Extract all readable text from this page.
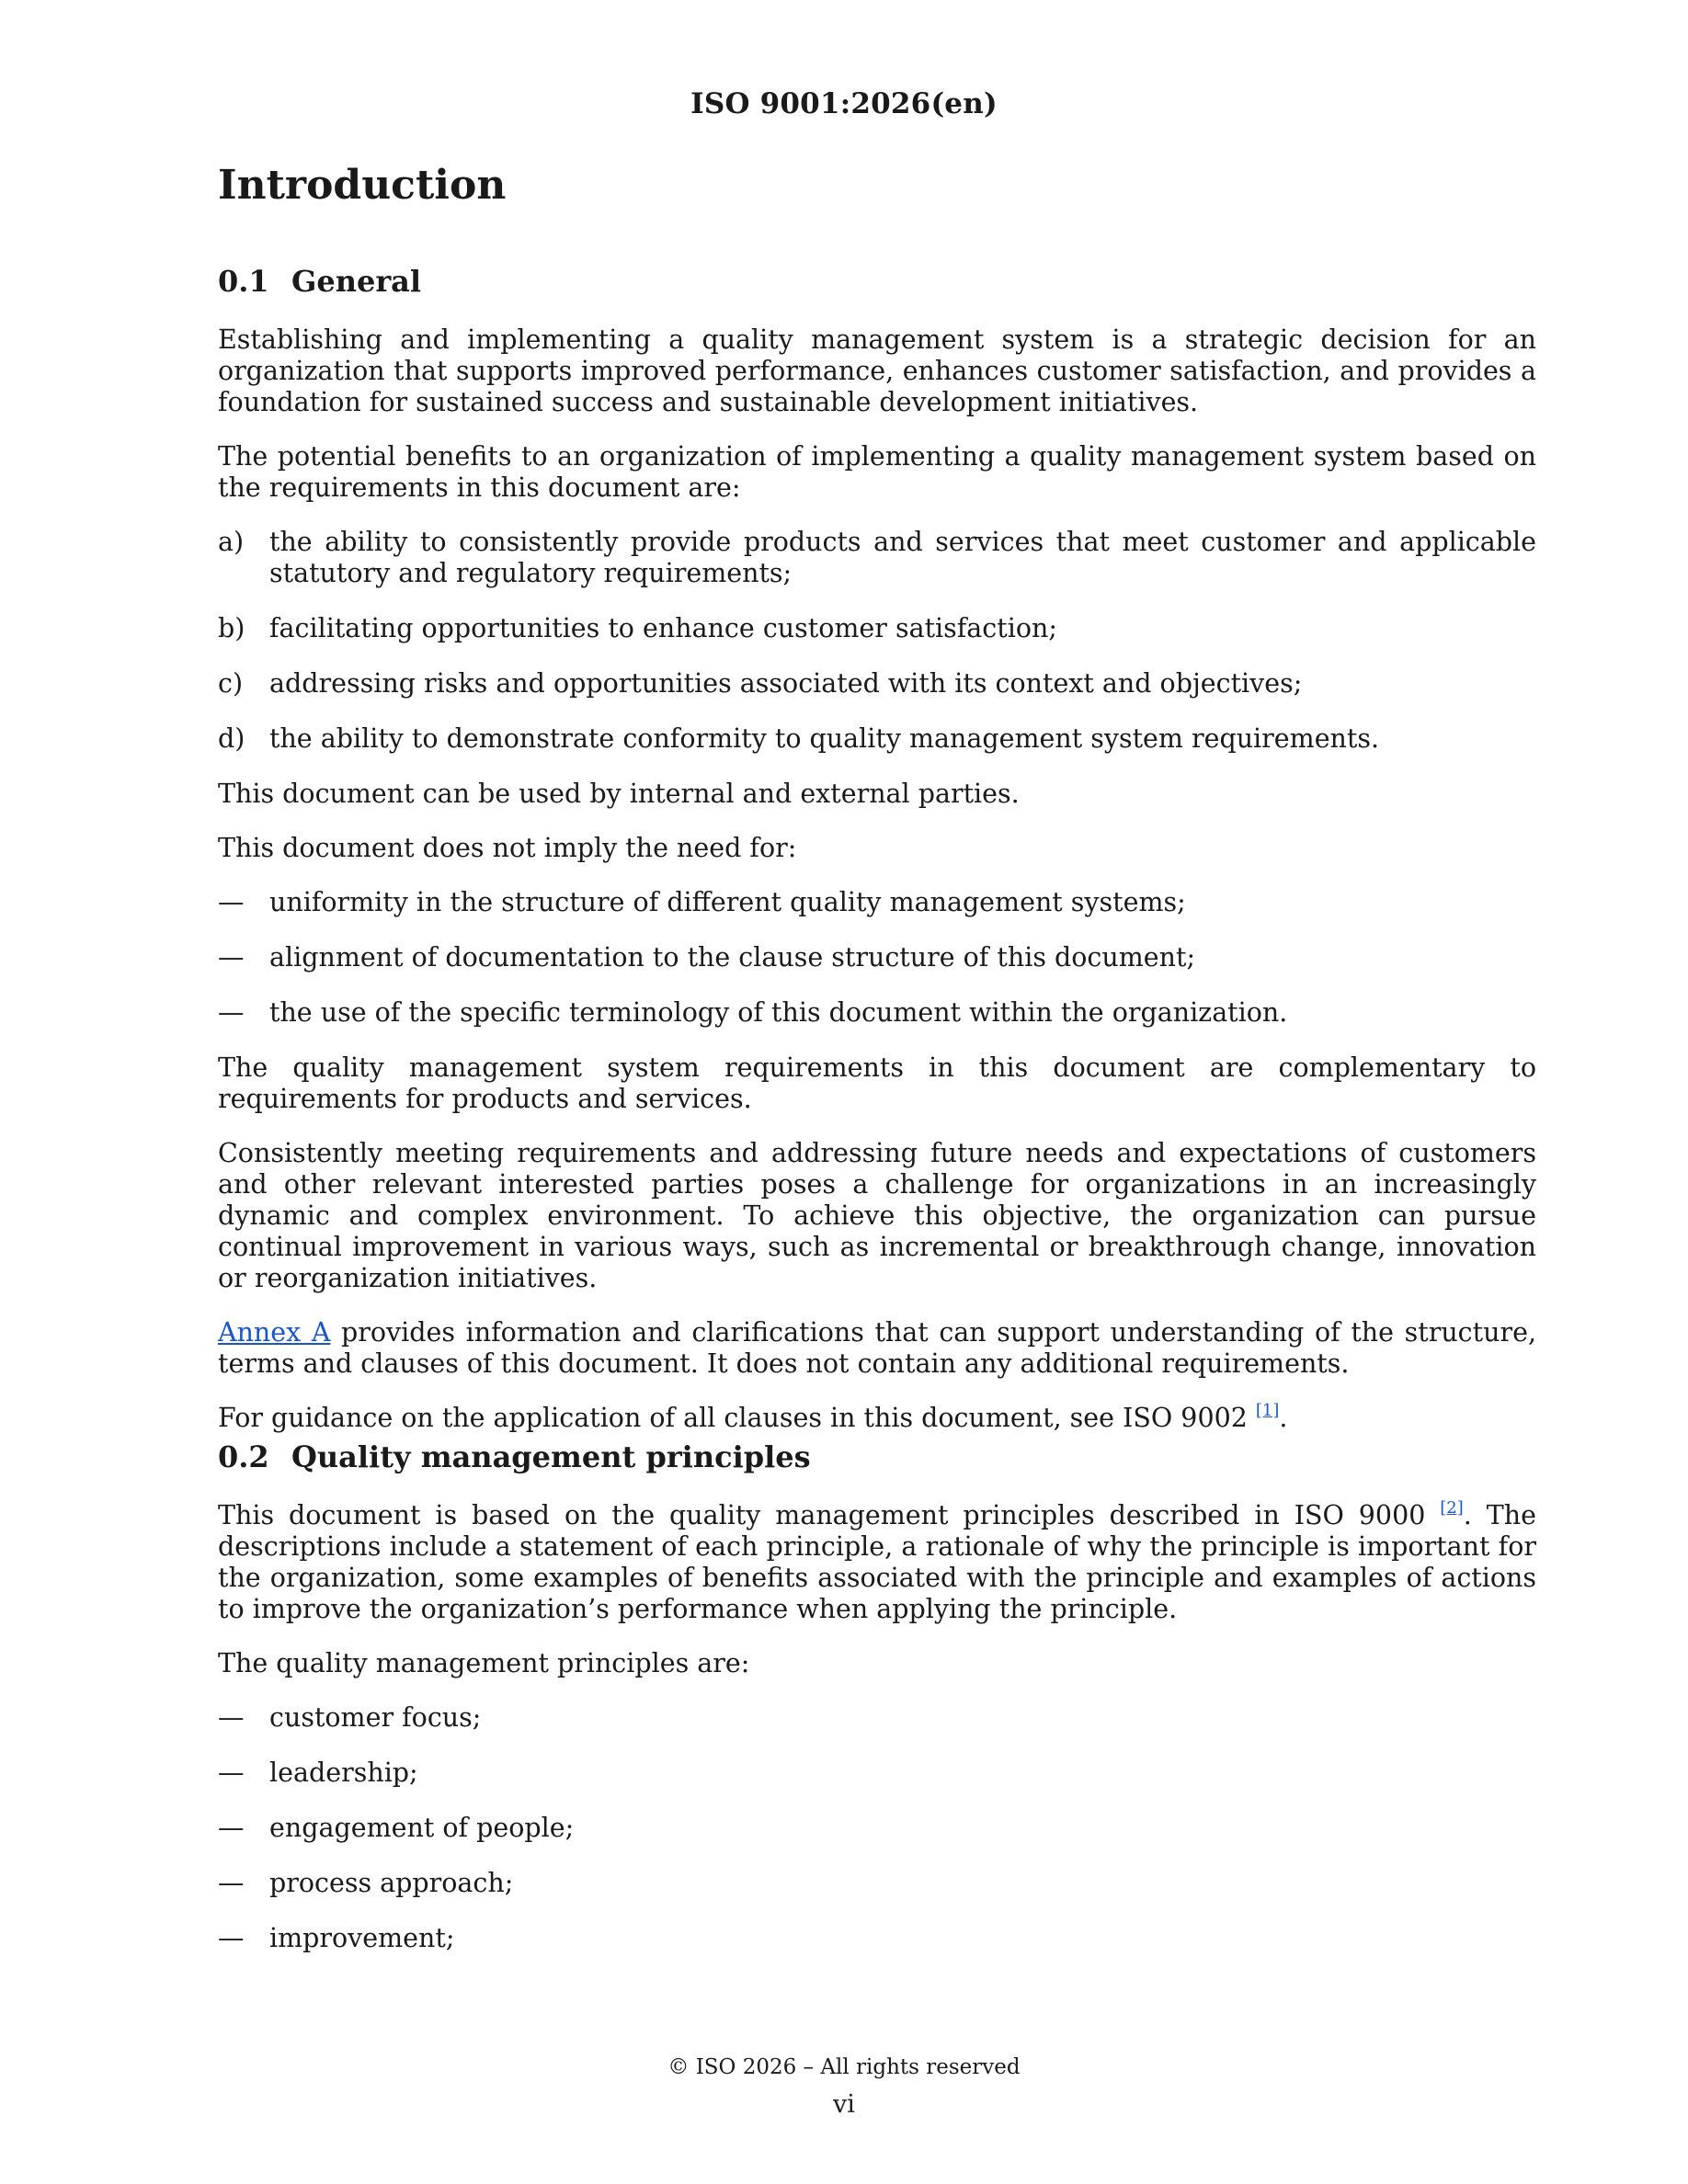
ISO 9001:2026(en)
Introduction
0.1 General

Establishing and implementing a quality management system is a strategic decision for an organization that supports improved performance, enhances customer satisfaction, and provides a foundation for sustained success and sustainable development initiatives.

The potential benefits to an organization of implementing a quality management system based on the requirements in this document are:

a) the ability to consistently provide products and services that meet customer and applicable statutory and regulatory requirements;
b) facilitating opportunities to enhance customer satisfaction;
c)	addressing risks and opportunities associated with its context and objectives;
d) the ability to demonstrate conformity to quality management system requirements.

This document can be used by internal and external parties.

This document does not imply the need for:

— uniformity in the structure of different quality management systems;
— alignment of documentation to the clause structure of this document;
— the use of the specific terminology of this document within the organization.

The quality management system requirements in this document are complementary to requirements for products and services.

Consistently meeting requirements and addressing future needs and expectations of customers and other relevant interested parties poses a challenge for organizations in an increasingly dynamic and complex environment. To achieve this objective, the organization can pursue continual improvement in various ways, such as incremental or breakthrough change, innovation or reorganization initiatives.

Annex A provides information and clarifications that can support understanding of the structure, terms and clauses of this document. It does not contain any additional requirements.

For guidance on the application of all clauses in this document, see ISO 9002 [1].

0.2 Quality management principles

This document is based on the quality management principles described in ISO 9000 [2]. The descriptions include a statement of each principle, a rationale of why the principle is important for the organization, some examples of benefits associated with the principle and examples of actions to improve the organization’s performance when applying the principle.

The quality management principles are:

— customer focus;
— leadership;
— engagement of people;
— process approach;
— improvement;
© ISO 2026 – All rights reserved
vi
